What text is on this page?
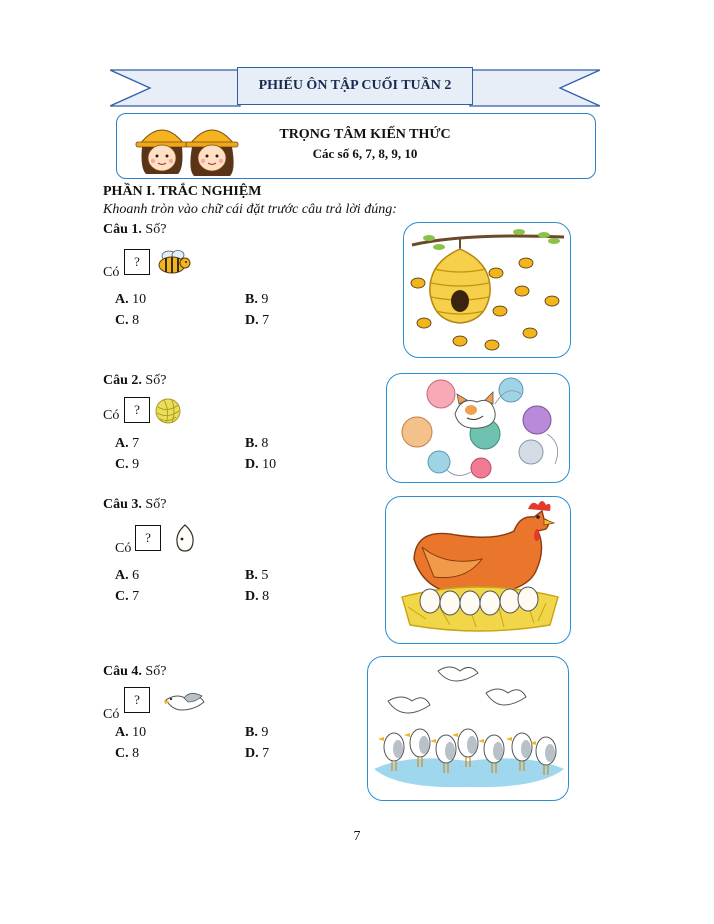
PHIẾU ÔN TẬP CUỐI TUẦN 2
TRỌNG TÂM KIẾN THỨC
Các số 6, 7, 8, 9, 10
PHẦN I. TRẮC NGHIỆM
Khoanh tròn vào chữ cái đặt trước câu trả lời đúng:
Câu 1. Số?
Có
?
A. 10	B. 9
C. 8	D. 7
Câu 2. Số?
Có	?
A. 7	B. 8
C. 9	D. 10
Câu 3. Số?
Có
?
A. 6	B. 5
C. 7	D. 8
Câu 4. Số?
Có
?
A. 10	B. 9
C. 8	D. 7
7
